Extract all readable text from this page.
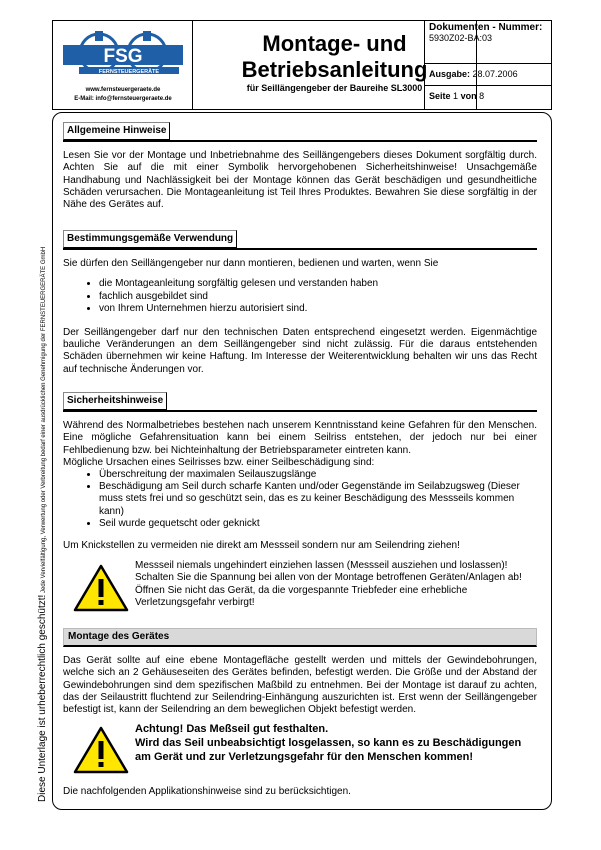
FSG
FERNSTEUERGERÄTE
www.fernsteuergeraete.de
E-Mail: info@fernsteuergeraete.de
Montage- und
Betriebsanleitung
für Seillängengeber der Baureihe SL3000
Dokumenten - Nummer:
5930Z02-BA:03
Ausgabe: 28.07.2006
Seite 1 von 8
Diese Unterlage ist urheberrechtlich geschützt! Jede Vervielfältigung, Verwertung oder Verbreitung bedarf einer ausdrücklichen Genehmigung der FERNSTEUERGERÄTE GmbH
Allgemeine Hinweise

Lesen Sie vor der Montage und Inbetriebnahme des Seillängengebers dieses Dokument sorgfältig durch. Achten Sie auf die mit einer Symbolik hervorgehobenen Sicherheitshinweise! Unsachgemäße Handhabung und Nachlässigkeit bei der Montage können das Gerät beschädigen und gesundheitliche Schäden verursachen. Die Montageanleitung ist Teil Ihres Produktes. Bewahren Sie diese sorgfältig in der Nähe des Gerätes auf.

Bestimmungsgemäße Verwendung

Sie dürfen den Seillängengeber nur dann montieren, bedienen und warten, wenn Sie

• die Montageanleitung sorgfältig gelesen und verstanden haben
• fachlich ausgebildet sind
• von Ihrem Unternehmen hierzu autorisiert sind.

Der Seillängengeber darf nur den technischen Daten entsprechend eingesetzt werden. Eigenmächtige bauliche Veränderungen an dem Seillängengeber sind nicht zulässig. Für die daraus entstehenden Schäden übernehmen wir keine Haftung. Im Interesse der Weiterentwicklung behalten wir uns das Recht auf technische Änderungen vor.

Sicherheitshinweise

Während des Normalbetriebes bestehen nach unserem Kenntnisstand keine Gefahren für den Menschen. Eine mögliche Gefahrensituation kann bei einem Seilriss entstehen, der jedoch nur bei einer Fehlbedienung bzw. bei Nichteinhaltung der Betriebsparameter eintreten kann.

Mögliche Ursachen eines Seilrisses bzw. einer Seilbeschädigung sind:

• Überschreitung der maximalen Seilauszugslänge
• Beschädigung am Seil durch scharfe Kanten und/oder Gegenstände im Seilabzugsweg (Dieser muss stets frei und so geschützt sein, das es zu keiner Beschädigung des Messseils kommen kann)
• Seil wurde gequetscht oder geknickt

Um Knickstellen zu vermeiden nie direkt am Messseil sondern nur am Seilendring ziehen!

Messseil niemals ungehindert einziehen lassen (Messseil ausziehen und loslassen)! Schalten Sie die Spannung bei allen von der Montage betroffenen Geräten/Anlagen ab! Öffnen Sie nicht das Gerät, da die vorgespannte Triebfeder eine erhebliche Verletzungsgefahr verbirgt!
Montage des Gerätes

Das Gerät sollte auf eine ebene Montagefläche gestellt werden und mittels der Gewindebohrungen, welche sich an 2 Gehäuseseiten des Gerätes befinden, befestigt werden. Die Größe und der Abstand der Gewindebohrungen sind dem spezifischen Maßbild zu entnehmen. Bei der Montage ist darauf zu achten, das der Seilaustritt fluchtend zur Seilendring-Einhängung auszurichten ist. Erst wenn der Seillängengeber befestigt ist, kann der Seilendring an dem beweglichen Objekt befestigt werden.

Achtung! Das Meßseil gut festhalten.
Wird das Seil unbeabsichtigt losgelassen, so kann es zu Beschädigungen am Gerät und zur Verletzungsgefahr für den Menschen kommen!

Die nachfolgenden Applikationshinweise sind zu berücksichtigen.
